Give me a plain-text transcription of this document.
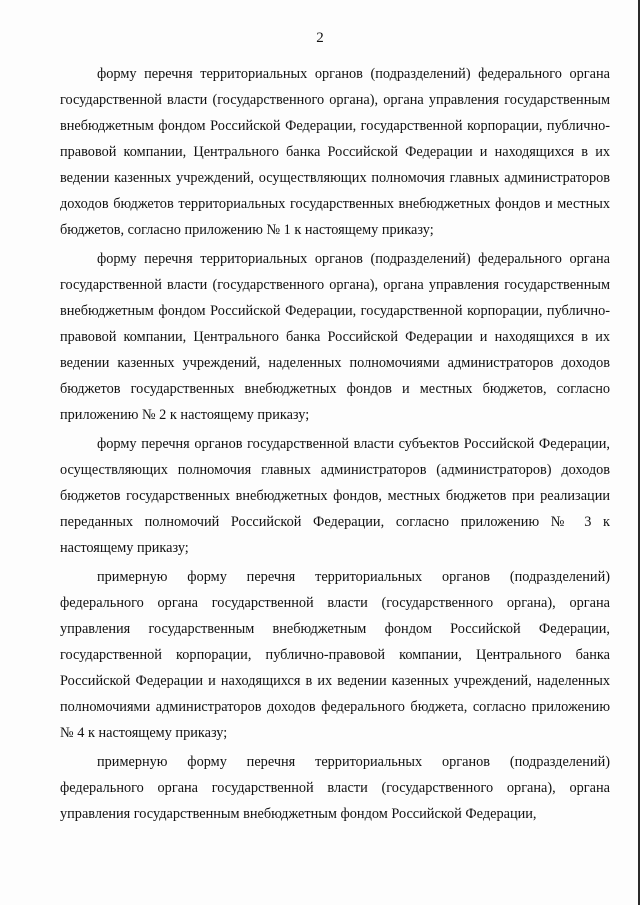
2

форму перечня территориальных органов (подразделений) федерального органа государственной власти (государственного органа), органа управления государственным внебюджетным фондом Российской Федерации, государственной корпорации, публично-правовой компании, Центрального банка Российской Федерации и находящихся в их ведении казенных учреждений, осуществляющих полномочия главных администраторов доходов бюджетов территориальных государственных внебюджетных фондов и местных бюджетов, согласно приложению № 1 к настоящему приказу;

форму перечня территориальных органов (подразделений) федерального органа государственной власти (государственного органа), органа управления государственным внебюджетным фондом Российской Федерации, государственной корпорации, публично-правовой компании, Центрального банка Российской Федерации и находящихся в их ведении казенных учреждений, наделенных полномочиями администраторов доходов бюджетов государственных внебюджетных фондов и местных бюджетов, согласно приложению № 2 к настоящему приказу;

форму перечня органов государственной власти субъектов Российской Федерации, осуществляющих полномочия главных администраторов (администраторов) доходов бюджетов государственных внебюджетных фондов, местных бюджетов при реализации переданных полномочий Российской Федерации, согласно приложению № 3 к настоящему приказу;

примерную форму перечня территориальных органов (подразделений) федерального органа государственной власти (государственного органа), органа управления государственным внебюджетным фондом Российской Федерации, государственной корпорации, публично-правовой компании, Центрального банка Российской Федерации и находящихся в их ведении казенных учреждений, наделенных полномочиями администраторов доходов федерального бюджета, согласно приложению № 4 к настоящему приказу;

примерную форму перечня территориальных органов (подразделений) федерального органа государственной власти (государственного органа), органа управления государственным внебюджетным фондом Российской Федерации,
